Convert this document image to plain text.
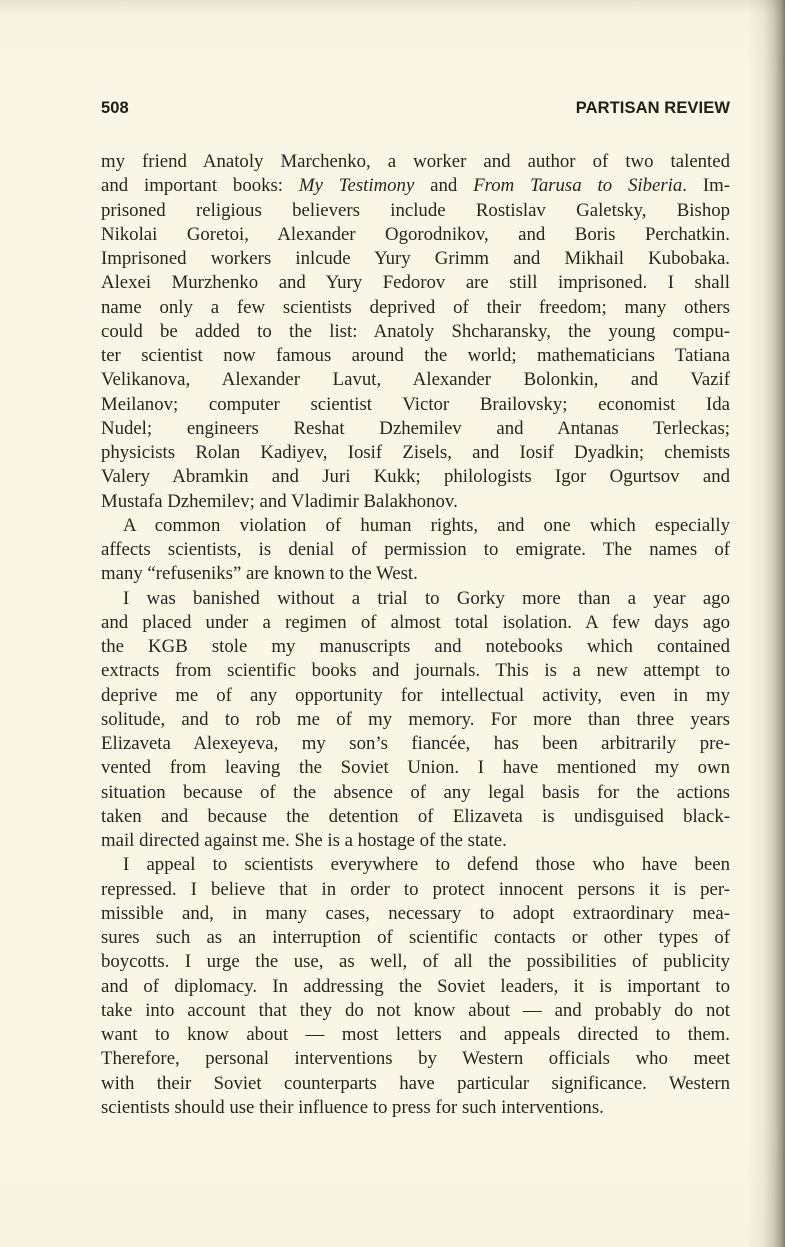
508	PARTISAN REVIEW
my friend Anatoly Marchenko, a worker and author of two talented
and important books: My Testimony and From Tarusa to Siberia. Im-
prisoned religious believers include Rostislav Galetsky, Bishop
Nikolai Goretoi, Alexander Ogorodnikov, and Boris Perchatkin.
Imprisoned workers inlcude Yury Grimm and Mikhail Kubobaka.
Alexei Murzhenko and Yury Fedorov are still imprisoned. I shall
name only a few scientists deprived of their freedom; many others
could be added to the list: Anatoly Shcharansky, the young compu-
ter scientist now famous around the world; mathematicians Tatiana
Velikanova, Alexander Lavut, Alexander Bolonkin, and Vazif
Meilanov; computer scientist Victor Brailovsky; economist Ida
Nudel; engineers Reshat Dzhemilev and Antanas Terleckas;
physicists Rolan Kadiyev, Iosif Zisels, and Iosif Dyadkin; chemists
Valery Abramkin and Juri Kukk; philologists Igor Ogurtsov and
Mustafa Dzhemilev; and Vladimir Balakhonov.
A common violation of human rights, and one which especially
affects scientists, is denial of permission to emigrate. The names of
many “refuseniks” are known to the West.
I was banished without a trial to Gorky more than a year ago
and placed under a regimen of almost total isolation. A few days ago
the KGB stole my manuscripts and notebooks which contained
extracts from scientific books and journals. This is a new attempt to
deprive me of any opportunity for intellectual activity, even in my
solitude, and to rob me of my memory. For more than three years
Elizaveta Alexeyeva, my son’s fiancée, has been arbitrarily pre-
vented from leaving the Soviet Union. I have mentioned my own
situation because of the absence of any legal basis for the actions
taken and because the detention of Elizaveta is undisguised black-
mail directed against me. She is a hostage of the state.
I appeal to scientists everywhere to defend those who have been
repressed. I believe that in order to protect innocent persons it is per-
missible and, in many cases, necessary to adopt extraordinary mea-
sures such as an interruption of scientific contacts or other types of
boycotts. I urge the use, as well, of all the possibilities of publicity
and of diplomacy. In addressing the Soviet leaders, it is important to
take into account that they do not know about — and probably do not
want to know about — most letters and appeals directed to them.
Therefore, personal interventions by Western officials who meet
with their Soviet counterparts have particular significance. Western
scientists should use their influence to press for such interventions.
